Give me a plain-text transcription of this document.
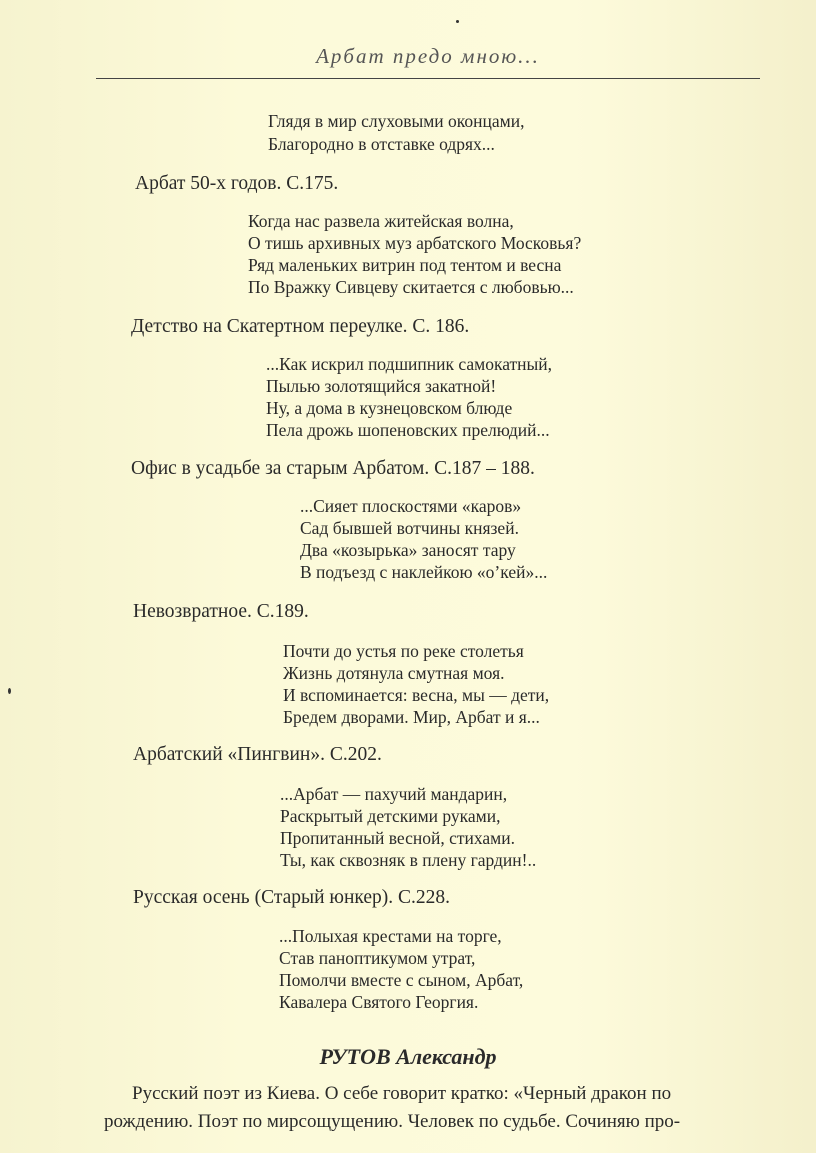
Арбат предо мною...
Глядя в мир слуховыми оконцами,
Благородно в отставке одрях...
Арбат 50-х годов. С.175.
Когда нас развела житейская волна,
О тишь архивных муз арбатского Московья?
Ряд маленьких витрин под тентом и весна
По Вражку Сивцеву скитается с любовью...
Детство на Скатертном переулке. С. 186.
...Как искрил подшипник самокатный,
Пылью золотящийся закатной!
Ну, а дома в кузнецовском блюде
Пела дрожь шопеновских прелюдий...
Офис в усадьбе за старым Арбатом. С.187 – 188.
...Сияет плоскостями «каров»
Сад бывшей вотчины князей.
Два «козырька» заносят тару
В подъезд с наклейкою «о’кей»...
Невозвратное. С.189.
Почти до устья по реке столетья
Жизнь дотянула смутная моя.
И вспоминается: весна, мы — дети,
Бредем дворами. Мир, Арбат и я...
Арбатский «Пингвин». С.202.
...Арбат — пахучий мандарин,
Раскрытый детскими руками,
Пропитанный весной, стихами.
Ты, как сквозняк в плену гардин!..
Русская осень (Старый юнкер). С.228.
...Полыхая крестами на торге,
Став паноптикумом утрат,
Помолчи вместе с сыном, Арбат,
Кавалера Святого Георгия.
РУТОВ Александр
Русский поэт из Киева. О себе говорит кратко: «Черный дракон по
рождению. Поэт по мирсощущению. Человек по судьбе. Сочиняю про-
